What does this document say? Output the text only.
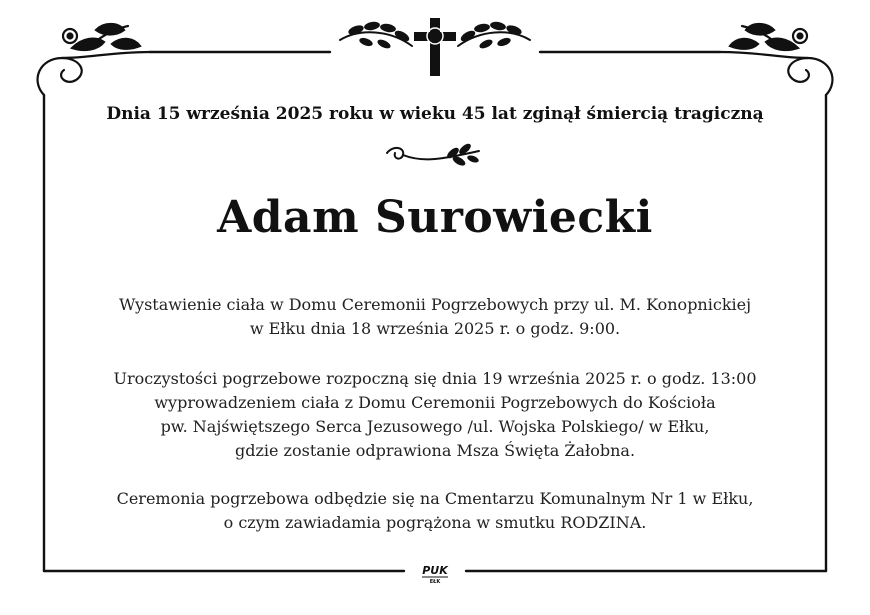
Dnia 15 września 2025 roku w wieku 45 lat zginął śmiercią tragiczną
Adam Surowiecki
Wystawienie ciała w Domu Ceremonii Pogrzebowych przy ul. M. Konopnickiej
w Ełku dnia 18 września 2025 r. o godz. 9:00.
Uroczystości pogrzebowe rozpoczną się dnia 19 września 2025 r. o godz. 13:00
wyprowadzeniem ciała z Domu Ceremonii Pogrzebowych do Kościoła
pw. Najświętszego Serca Jezusowego /ul. Wojska Polskiego/ w Ełku,
gdzie zostanie odprawiona Msza Święta Żałobna.
Ceremonia pogrzebowa odbędzie się na Cmentarzu Komunalnym Nr 1 w Ełku,
o czym zawiadamia pogrążona w smutku RODZINA.
PUK
EŁK
